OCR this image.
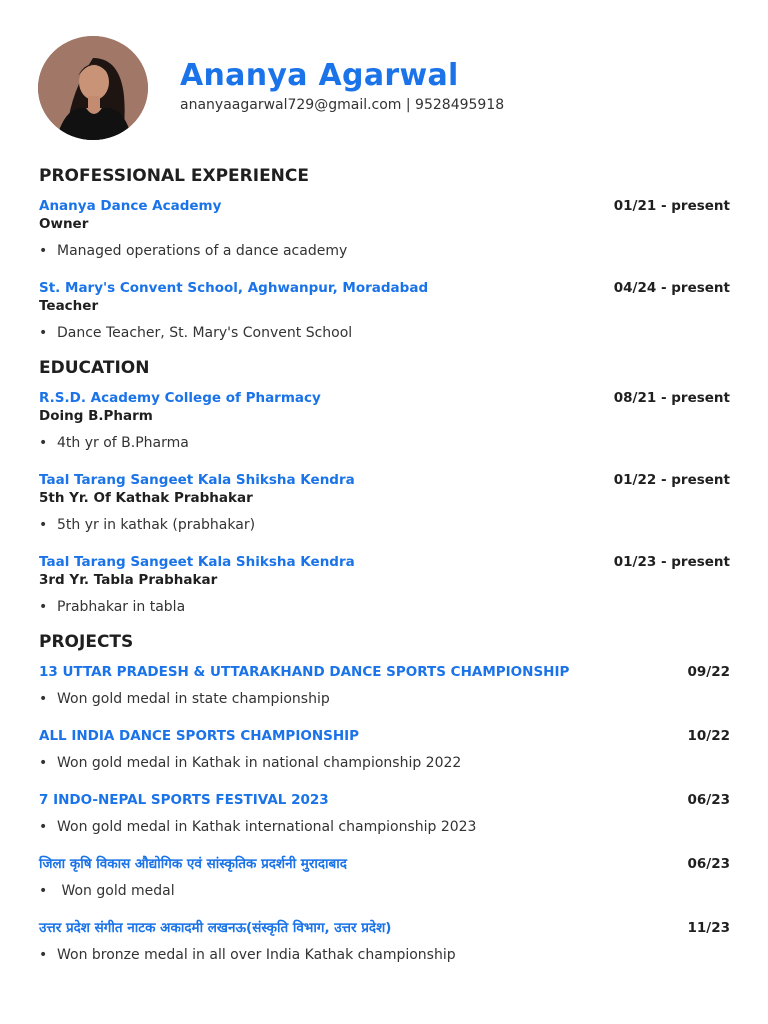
Ananya Agarwal
ananyaagarwal729@gmail.com | 9528495918
PROFESSIONAL EXPERIENCE
Ananya Dance Academy	01/21 - present
Owner
• Managed operations of a dance academy
St. Mary's Convent School, Aghwanpur, Moradabad	04/24 - present
Teacher
• Dance Teacher, St. Mary's Convent School
EDUCATION
R.S.D. Academy College of Pharmacy	08/21 - present
Doing B.Pharm
• 4th yr of B.Pharma
Taal Tarang Sangeet Kala Shiksha Kendra	01/22 - present
5th Yr. Of Kathak Prabhakar
• 5th yr in kathak (prabhakar)
Taal Tarang Sangeet Kala Shiksha Kendra	01/23 - present
3rd Yr. Tabla Prabhakar
• Prabhakar in tabla
PROJECTS
13 UTTAR PRADESH & UTTARAKHAND DANCE SPORTS CHAMPIONSHIP	09/22
• Won gold medal in state championship
ALL INDIA DANCE SPORTS CHAMPIONSHIP	10/22
• Won gold medal in Kathak in national championship 2022
7 INDO-NEPAL SPORTS FESTIVAL 2023	06/23
• Won gold medal in Kathak international championship 2023
जिला कृषि विकास औद्योगिक एवं सांस्कृतिक प्रदर्शनी मुरादाबाद	06/23
• Won gold medal
उत्तर प्रदेश संगीत नाटक अकादमी लखनऊ(संस्कृति विभाग, उत्तर प्रदेश)	11/23
• Won bronze medal in all over India Kathak championship
